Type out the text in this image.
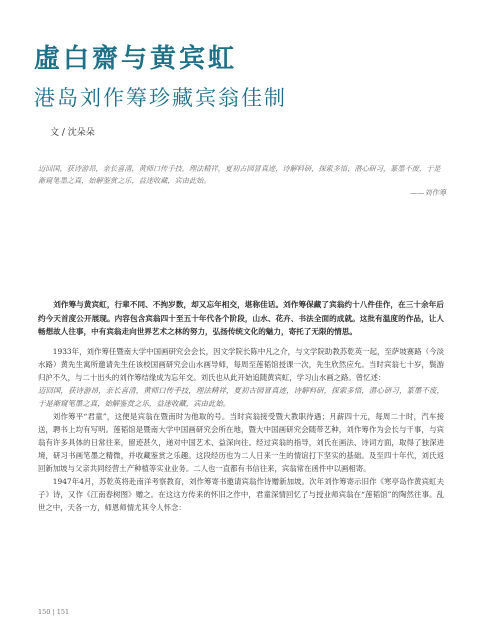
虛白齋与黄宾虹
港岛刘作筹珍藏宾翁佳制
文 / 沈朵朵
迈回国，获诗游昂，亲长喜清，黄师口传手技，理法精祥，夏初古园冒真迹，诗解料研，探索多悟，潜心研习，篆墨不废，于是渐窥笔墨之真，始解鉴赏之乐，益迷收藏，宾由此始。
——刘作筹

刘作筹与黄宾虹，行辈不同、不拘岁数，却又忘年相交，堪称佳话。刘作筹保藏了宾翁约十八件佳作，在三十余年后约今天首度公开展现。内容包含宾翁四十至五十年代各个阶段，山水、花卉、书法全面的成就。这批有温度的作品，让人畅想故人往事，中有宾翁走向世界艺术之林的努力，弘扬传统文化的魅力，寄托了无限的情思。

1933年，刘作筹任暨南大学中国画研究会会长，因文学院长陈中凡之介，与文学院助教苏乾英一起，至萨坡赛路（今淡水路）黄先生寓所邀请先生任该校国画研究会山水画导师，每周至莲韬馆授课一次，先生欣然应允。当时宾翁七十岁，鬓游归沪不久，与二十出头的刘作筹结缘成为忘年交。刘氏也从此开始追随黄宾虹，学习山水画之路。曾忆述：

迈回国，获诗游昂，亲长喜清，黄师口传手技，理法精祥，夏初古园冒真迹，诗解料研，探索多悟，潜心研习，篆墨不废，于是渐窥笔墨之真，始解鉴赏之乐，益迷收藏，宾由此始。

刘作筹平“君童”，这便是宾翁在暨南时为他取的号。当时宾翁接受暨大教职待遇；月薪四十元，每周二十时，汽车接送，聘书上均有写明。莲韬馆是暨南大学中国画研究会所在地，暨大中国画研究会随带艺种，刘作筹作为会长与干事，与宾翁有许多具体的日常往来，留迹甚久，递对中国艺术、益深向往。经过宾翁的指导，刘氏在画法、诗词方面，取得了独深进境，研习书画笔墨之精微，并收藏鉴赏之乐趣。这段经历也为二人日来一生的情谊打下坚实的基础。及至四十年代，刘氏返回新加坡与父亲共同经营土产种植等实业业务。二人也一直都有书信往来，宾翁常在函件中以画相寄。

1947年4月，苏乾英将赴南洋考察教育，刘作筹寄书邀请宾翁作诗赠新加坡。次年刘作筹寄示旧作《寒亭岛作黄宾虹夫子》诗，又作《江南春树图》赠之。在这这方传来的怀旧之作中，君童深情回忆了与授业师宾翁在“莲韬馆”的陶然往事。乱世之中，天各一方，师恩师情尤其令人怀念：

150 | 151
